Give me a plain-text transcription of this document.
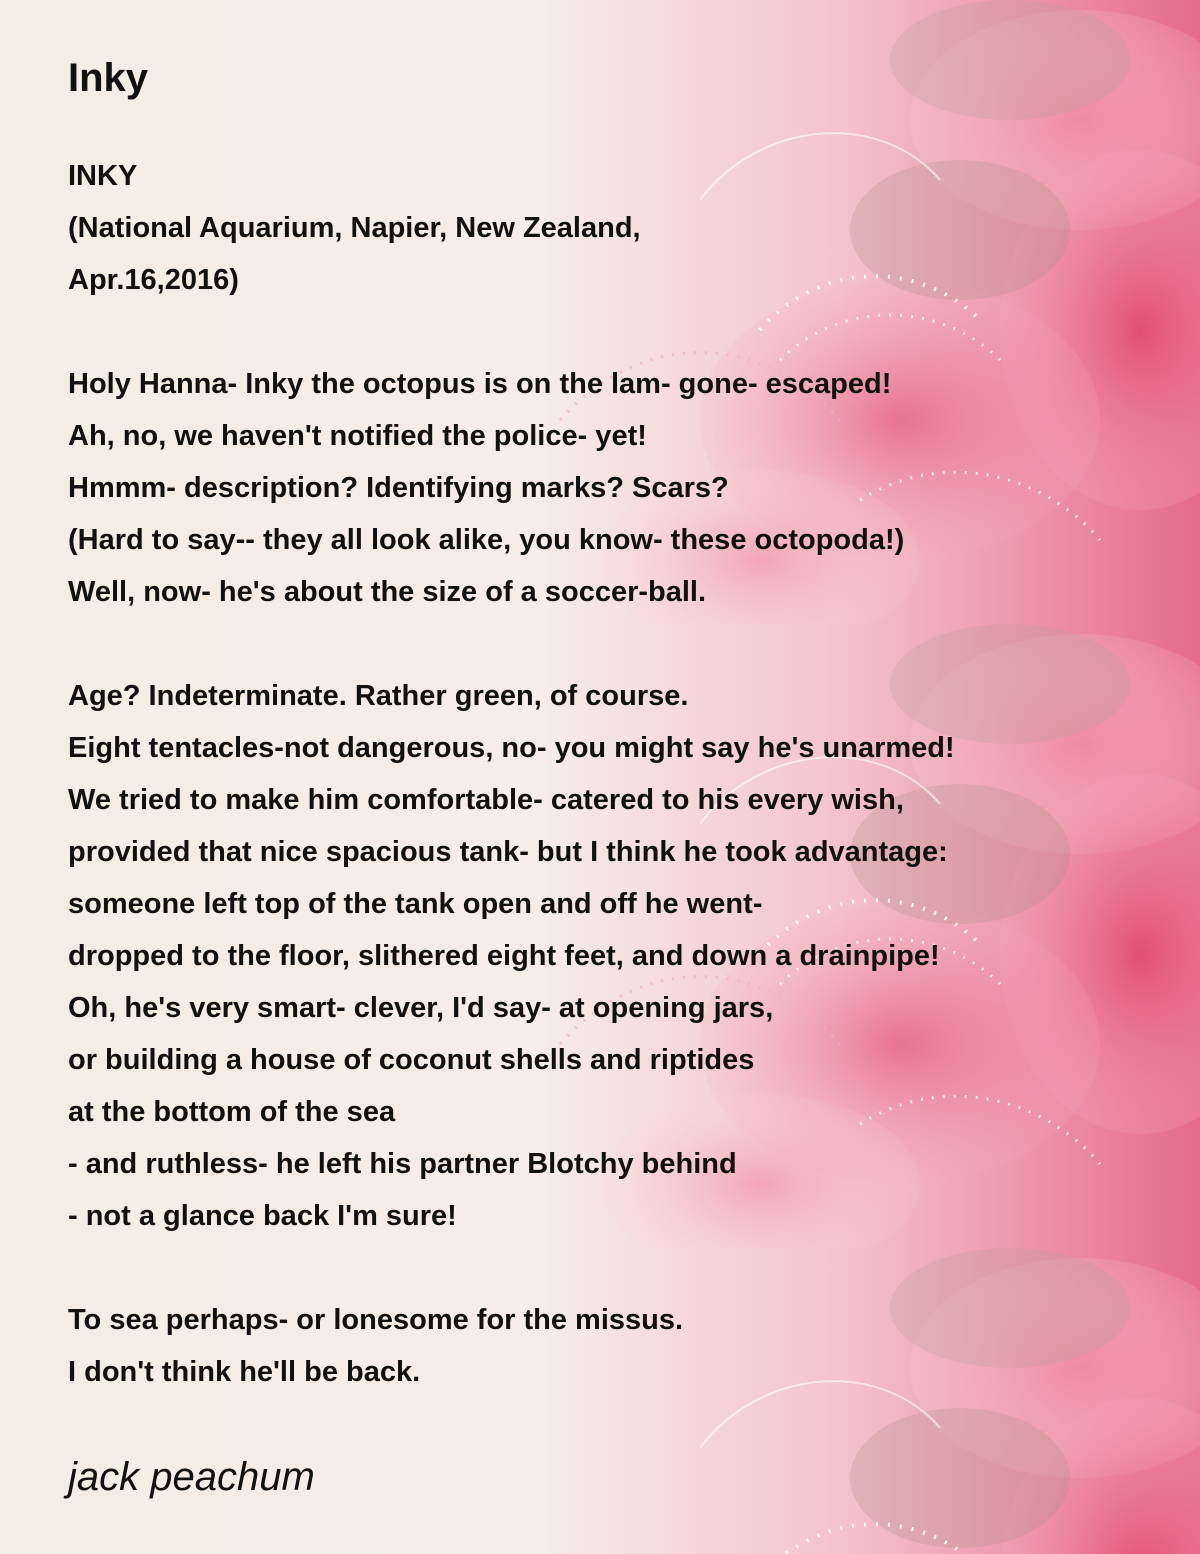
Inky
INKY
(National Aquarium, Napier, New Zealand,
Apr.16,2016)
Holy Hanna- Inky the octopus is on the lam- gone- escaped!
Ah, no, we haven't notified the police- yet!
Hmmm- description? Identifying marks? Scars?
(Hard to say-- they all look alike, you know- these octopoda!)
Well, now- he's about the size of a soccer-ball.
Age? Indeterminate. Rather green, of course.
Eight tentacles-not dangerous, no- you might say he's unarmed!
We tried to make him comfortable- catered to his every wish,
provided that nice spacious tank- but I think he took advantage:
someone left top of the tank open and off he went-
dropped to the floor, slithered eight feet, and down a drainpipe!
Oh, he's very smart- clever, I'd say- at opening jars,
or building a house of coconut shells and riptides
at the bottom of the sea
- and ruthless- he left his partner Blotchy behind
- not a glance back I'm sure!
To sea perhaps- or lonesome for the missus.
I don't think he'll be back.
jack peachum
